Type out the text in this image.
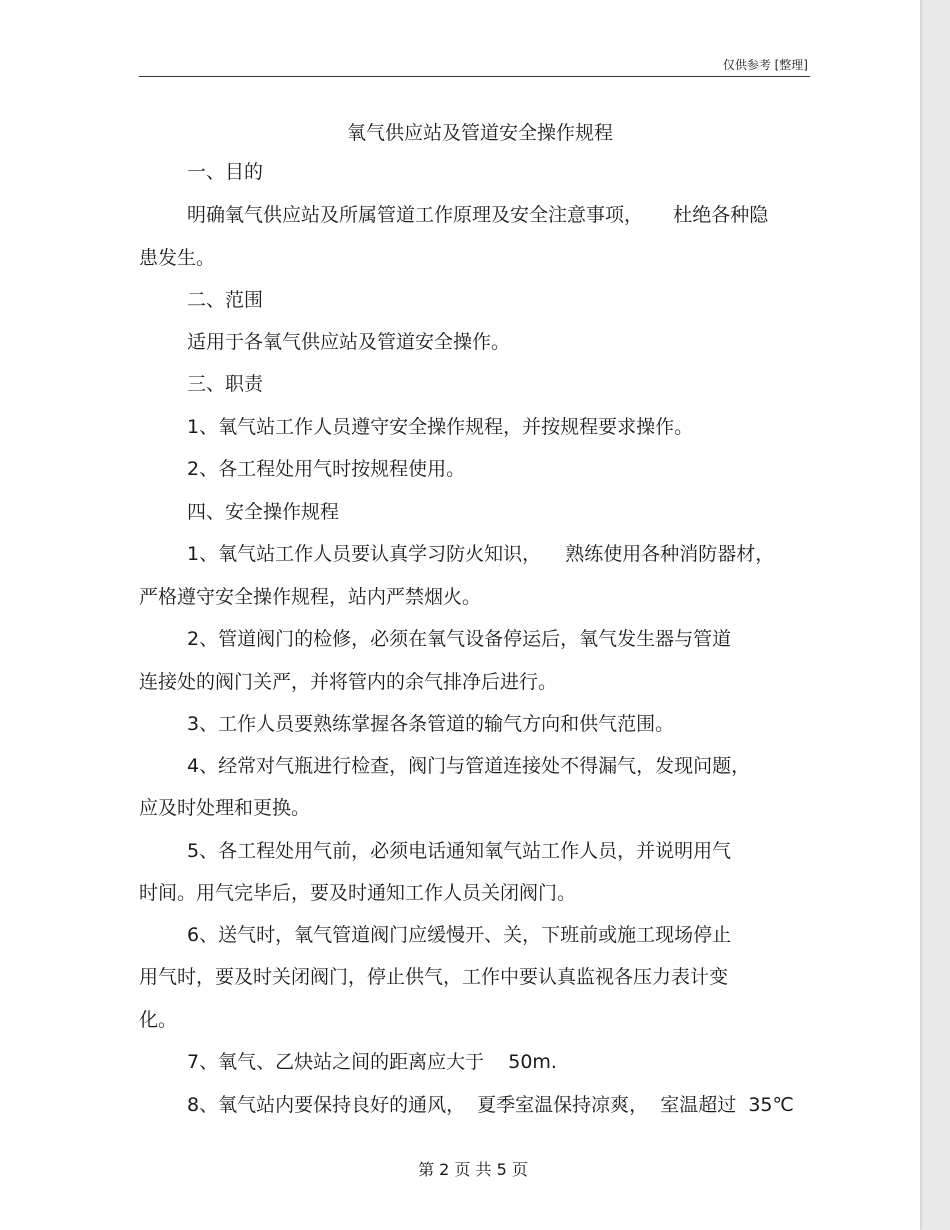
仅供参考 [整理]
氧气供应站及管道安全操作规程
一、目的
明确氧气供应站及所属管道工作原理及安全注意事项，     杜绝各种隐
患发生。
二、范围
适用于各氧气供应站及管道安全操作。
三、职责
1、氧气站工作人员遵守安全操作规程，并按规程要求操作。
2、各工程处用气时按规程使用。
四、安全操作规程
1、氧气站工作人员要认真学习防火知识，    熟练使用各种消防器材，
严格遵守安全操作规程，站内严禁烟火。
2、管道阀门的检修，必须在氧气设备停运后，氧气发生器与管道
连接处的阀门关严，并将管内的余气排净后进行。
3、工作人员要熟练掌握各条管道的输气方向和供气范围。
4、经常对气瓶进行检查，阀门与管道连接处不得漏气，发现问题，
应及时处理和更换。
5、各工程处用气前，必须电话通知氧气站工作人员，并说明用气
时间。用气完毕后，要及时通知工作人员关闭阀门。
6、送气时，氧气管道阀门应缓慢开、关，下班前或施工现场停止
用气时，要及时关闭阀门，停止供气，工作中要认真监视各压力表计变
化。
7、氧气、乙炔站之间的距离应大于    50m.
8、氧气站内要保持良好的通风，  夏季室温保持凉爽，  室温超过  35℃
第 2 页 共 5 页
